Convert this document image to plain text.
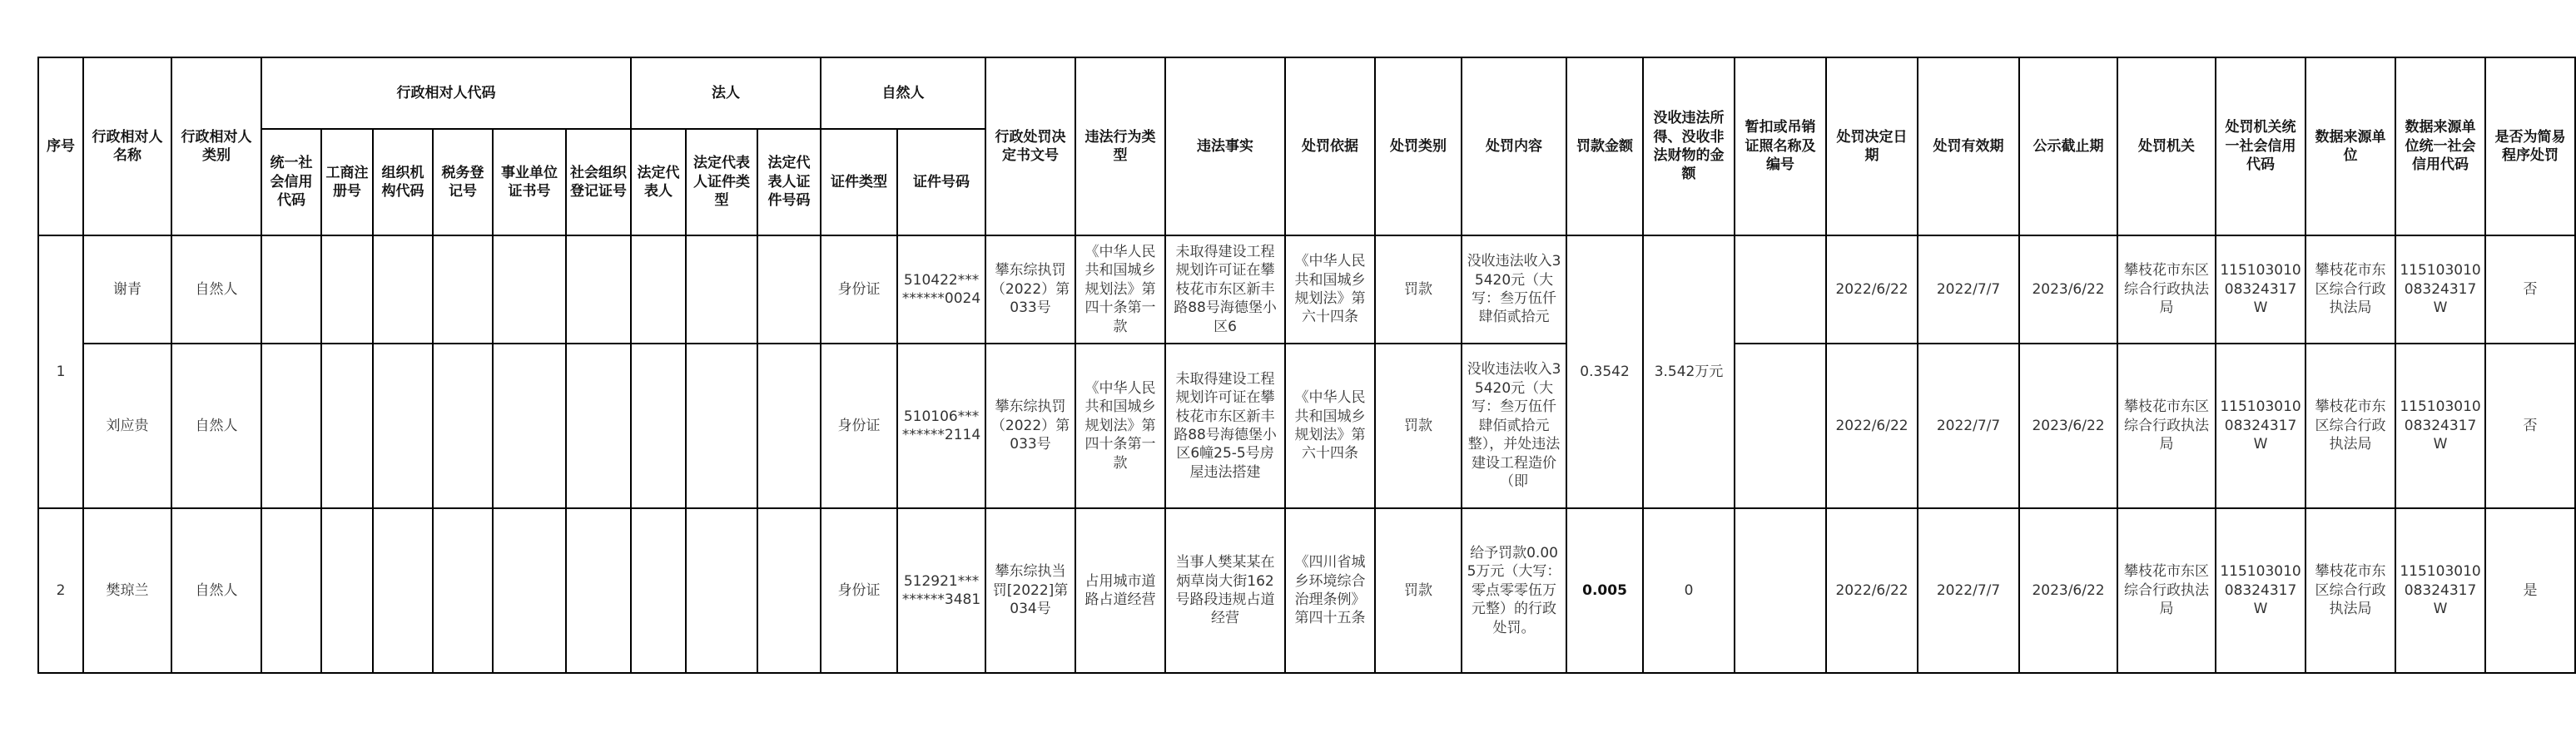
序号	行政相对人名称	行政相对人类别	行政相对人代码						法人			自然人		行政处罚决定书文号	违法行为类型	违法事实	处罚依据	处罚类别	处罚内容	罚款金额	没收违法所得、没收非法财物的金额	暂扣或吊销证照名称及编号	处罚决定日期	处罚有效期	公示截止期	处罚机关	处罚机关统一社会信用代码	数据来源单位	数据来源单位统一社会信用代码	是否为简易程序处罚
			统一社会信用代码	工商注册号	组织机构代码	税务登记号	事业单位证书号	社会组织登记证号	法定代表人	法定代表人证件类型	法定代表人证件号码	证件类型	证件号码																	
1	谢青	自然人										身份证	510422*********0024	攀东综执罚（2022）第033号	《中华人民共和国城乡规划法》第四十条第一款	未取得建设工程规划许可证在攀枝花市东区新丰路88号海德堡小区6	《中华人民共和国城乡规划法》第六十四条	罚款	没收违法收入35420元（大写：叁万伍仟肆佰贰拾元	0.3542	3.542万元		2022/6/22	2022/7/7	2023/6/22	攀枝花市东区综合行政执法局	11510301008324317W	攀枝花市东区综合行政执法局	11510301008324317W	否
	刘应贵	自然人										身份证	510106*********2114	攀东综执罚（2022）第033号	《中华人民共和国城乡规划法》第四十条第一款	未取得建设工程规划许可证在攀枝花市东区新丰路88号海德堡小区6幢25-5号房屋违法搭建	《中华人民共和国城乡规划法》第六十四条	罚款	没收违法收入35420元（大写：叁万伍仟肆佰贰拾元整），并处违法建设工程造价（即				2022/6/22	2022/7/7	2023/6/22	攀枝花市东区综合行政执法局	11510301008324317W	攀枝花市东区综合行政执法局	11510301008324317W	否
2	樊琼兰	自然人										身份证	512921*********3481	攀东综执当罚[2022]第034号	占用城市道路占道经营	当事人樊某某在炳草岗大街162号路段违规占道经营	《四川省城乡环境综合治理条例》第四十五条	罚款	给予罚款0.005万元（大写：零点零零伍万元整）的行政处罚。	0.005	0		2022/6/22	2022/7/7	2023/6/22	攀枝花市东区综合行政执法局	11510301008324317W	攀枝花市东区综合行政执法局	11510301008324317W	是
